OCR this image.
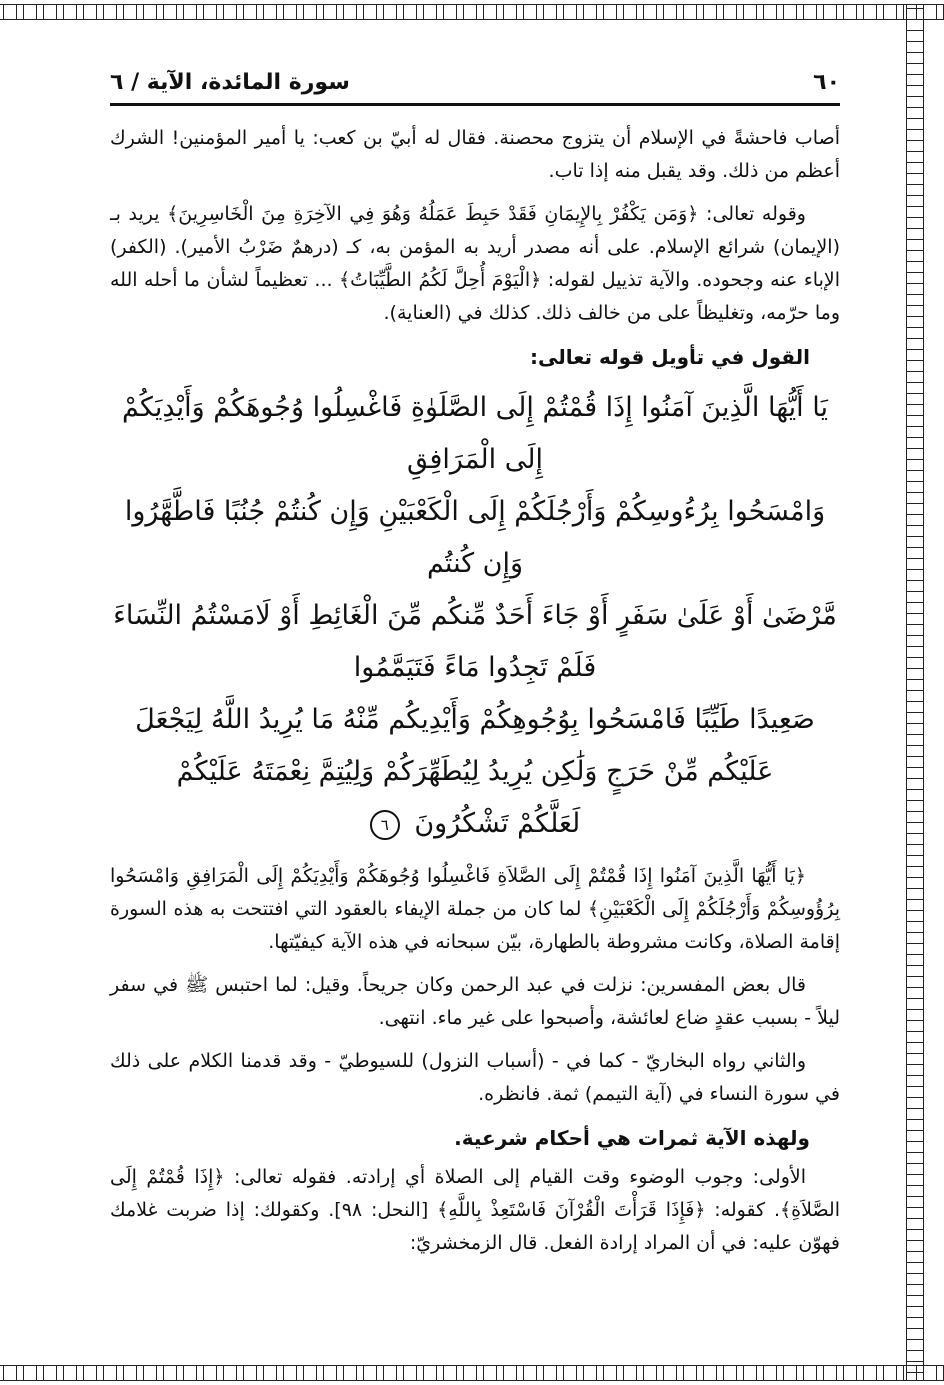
٦٠
سورة المائدة، الآية / ٦

أصاب فاحشةً في الإسلام أن يتزوج محصنة. فقال له أبيّ بن كعب: يا أمير المؤمنين! الشرك أعظم من ذلك. وقد يقبل منه إذا تاب.

وقوله تعالى: ﴿وَمَن يَكْفُرْ بِالإِيمَانِ فَقَدْ حَبِطَ عَمَلُهُ وَهُوَ فِي الآخِرَةِ مِنَ الْخَاسِرِينَ﴾ يريد بـ (الإيمان) شرائع الإسلام. على أنه مصدر أريد به المؤمن به، كـ (درهمٌ ضَرْبُ الأمير). (الكفر) الإباء عنه وجحوده. والآية تذييل لقوله: ﴿الْيَوْمَ أُحِلَّ لَكُمُ الطَّيِّبَاتُ﴾ ... تعظيماً لشأن ما أحله الله وما حرّمه، وتغليظاً على من خالف ذلك. كذلك في (العناية).

القول في تأويل قوله تعالى:
يَا أَيُّهَا الَّذِينَ آمَنُوا إِذَا قُمْتُمْ إِلَى الصَّلَوٰةِ فَاغْسِلُوا وُجُوهَكُمْ وَأَيْدِيَكُمْ إِلَى الْمَرَافِقِ
وَامْسَحُوا بِرُءُوسِكُمْ وَأَرْجُلَكُمْ إِلَى الْكَعْبَيْنِ وَإِن كُنتُمْ جُنُبًا فَاطَّهَّرُوا وَإِن كُنتُم
مَّرْضَىٰ أَوْ عَلَىٰ سَفَرٍ أَوْ جَاءَ أَحَدٌ مِّنكُم مِّنَ الْغَائِطِ أَوْ لَامَسْتُمُ النِّسَاءَ فَلَمْ تَجِدُوا مَاءً فَتَيَمَّمُوا
صَعِيدًا طَيِّبًا فَامْسَحُوا بِوُجُوهِكُمْ وَأَيْدِيكُم مِّنْهُ مَا يُرِيدُ اللَّهُ لِيَجْعَلَ
عَلَيْكُم مِّنْ حَرَجٍ وَلَٰكِن يُرِيدُ لِيُطَهِّرَكُمْ وَلِيُتِمَّ نِعْمَتَهُ عَلَيْكُمْ
لَعَلَّكُمْ تَشْكُرُونَ ٦

﴿يَا أَيُّهَا الَّذِينَ آمَنُوا إِذَا قُمْتُمْ إِلَى الصَّلاَةِ فَاغْسِلُوا وُجُوهَكُمْ وَأَيْدِيَكُمْ إِلَى الْمَرَافِقِ وَامْسَحُوا بِرُؤُوسِكُمْ وَأَرْجُلَكُمْ إِلَى الْكَعْبَيْنِ﴾ لما كان من جملة الإيفاء بالعقود التي افتتحت به هذه السورة إقامة الصلاة، وكانت مشروطة بالطهارة، بيّن سبحانه في هذه الآية كيفيّتها.

قال بعض المفسرين: نزلت في عبد الرحمن وكان جريحاً. وقيل: لما احتبس ﷺ في سفر ليلاً - بسبب عقدٍ ضاع لعائشة، وأصبحوا على غير ماء. انتهى.

والثاني رواه البخاريّ - كما في - (أسباب النزول) للسيوطيّ - وقد قدمنا الكلام على ذلك في سورة النساء في (آية التيمم) ثمة. فانظره.

ولهذه الآية ثمرات هي أحكام شرعية.

الأولى: وجوب الوضوء وقت القيام إلى الصلاة أي إرادته. فقوله تعالى: ﴿إِذَا قُمْتُمْ إِلَى الصَّلاَةِ﴾. كقوله: ﴿فَإِذَا قَرَأْتَ الْقُرْآنَ فَاسْتَعِذْ بِاللَّهِ﴾ [النحل: ٩٨]. وكقولك: إذا ضربت غلامك فهوّن عليه: في أن المراد إرادة الفعل. قال الزمخشريّ:
